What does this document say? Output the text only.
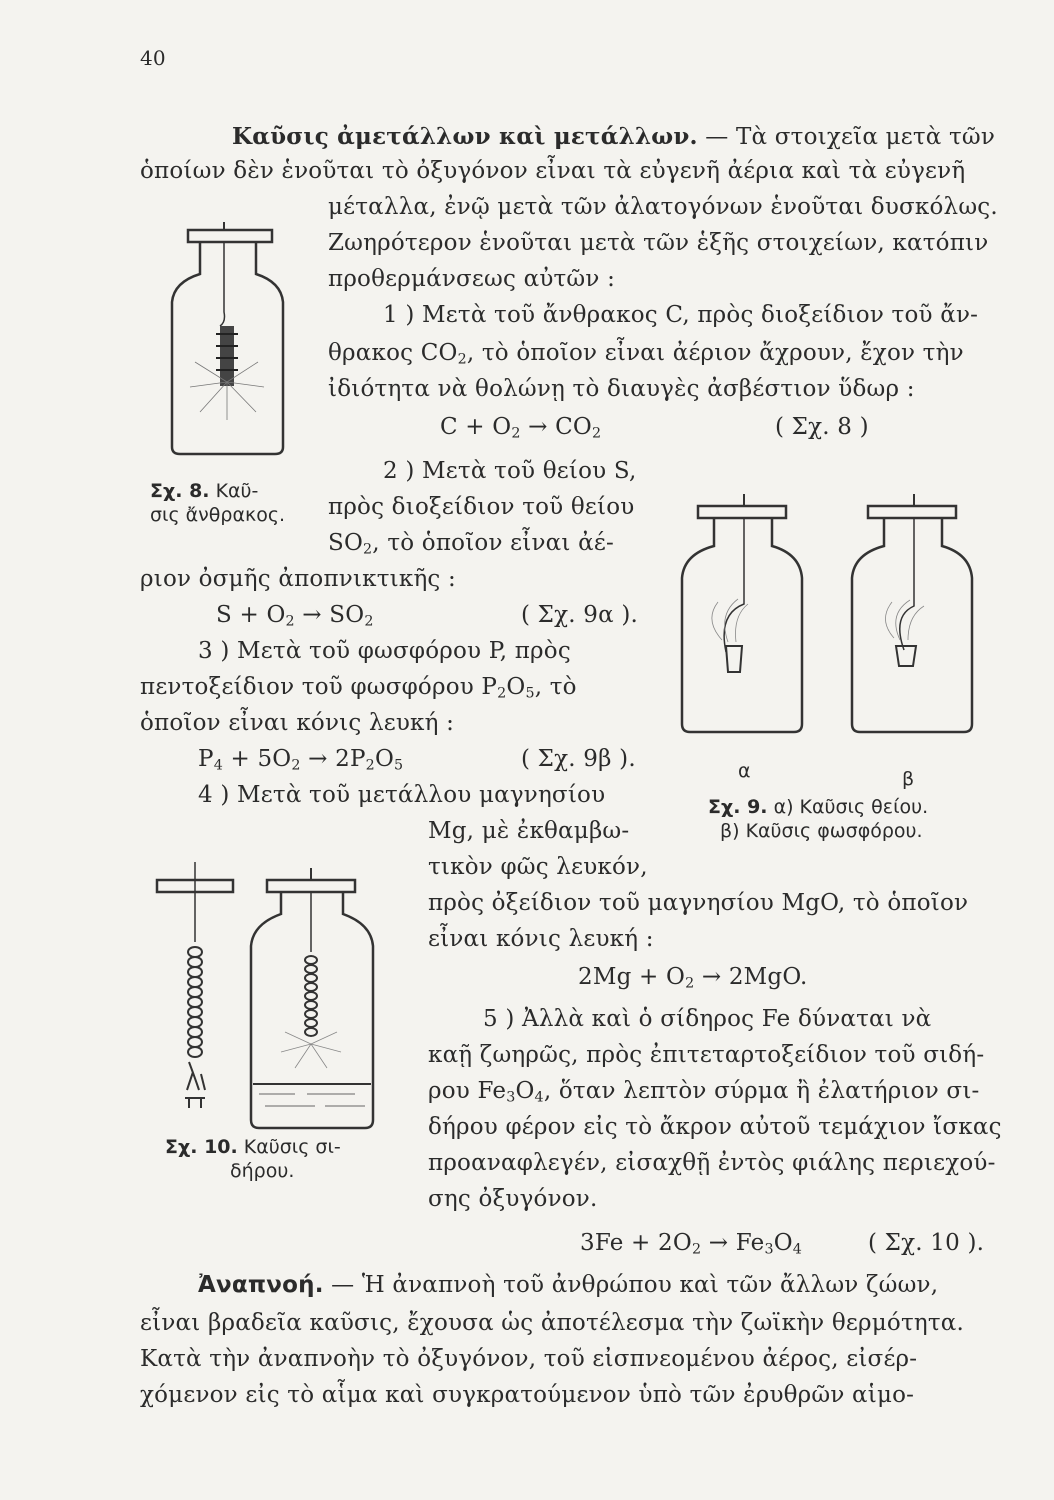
40
Καῦσις ἀμετάλλων καὶ μετάλλων. — Τὰ στοιχεῖα μετὰ τῶν
ὁποίων δὲν ἑνοῦται τὸ ὀξυγόνον εἶναι τὰ εὐγενῆ ἀέρια καὶ τὰ εὐγενῆ
μέταλλα, ἐνῷ μετὰ τῶν ἀλατογόνων ἑνοῦται δυσκόλως.
Ζωηρότερον ἑνοῦται μετὰ τῶν ἑξῆς στοιχείων, κατόπιν
προθερμάνσεως αὐτῶν :
1 ) Μετὰ τοῦ ἄνθρακος C, πρὸς διοξείδιον τοῦ ἄν-
θρακος $CO_2$, τὸ ὁποῖον εἶναι ἀέριον ἄχρουν, ἔχον τὴν
ἰδιότητα νὰ θολώνῃ τὸ διαυγὲς ἀσβέστιον ὕδωρ :
$C + O_2 \to CO_2$	( Σχ. 8 )
2 ) Μετὰ τοῦ θείου S,
πρὸς διοξείδιον τοῦ θείου
$SO_2$, τὸ ὁποῖον εἶναι ἀέ-
ριον ὀσμῆς ἀποπνικτικῆς :
$S + O_2 \to SO_2$	( Σχ. 9α ).
3 ) Μετὰ τοῦ φωσφόρου P, πρὸς
πεντοξείδιον τοῦ φωσφόρου $P_2O_5$, τὸ
ὁποῖον εἶναι κόνις λευκή :
$P_4 + 5O_2 \to 2P_2O_5$	( Σχ. 9β ).
4 ) Μετὰ τοῦ μετάλλου μαγνησίου
Mg, μὲ ἐκθαμβω-
τικὸν φῶς λευκόν,
πρὸς ὀξείδιον τοῦ μαγνησίου MgO, τὸ ὁποῖον
εἶναι κόνις λευκή :
$2Mg + O_2 \to 2MgO$.
5 ) Ἀλλὰ καὶ ὁ σίδηρος Fe δύναται νὰ
καῇ ζωηρῶς, πρὸς ἐπιτεταρτοξείδιον τοῦ σιδή-
ρου $Fe_3O_4$, ὅταν λεπτὸν σύρμα ἢ ἐλατήριον σι-
δήρου φέρον εἰς τὸ ἄκρον αὐτοῦ τεμάχιον ἴσκας
προαναφλεγέν, εἰσαχθῇ ἐντὸς φιάλης περιεχού-
σης ὀξυγόνον.
$3Fe + 2O_2 \to Fe_3O_4$	( Σχ. 10 ).
Ἀναπνοή. — Ἡ ἀναπνοὴ τοῦ ἀνθρώπου καὶ τῶν ἄλλων ζώων,
εἶναι βραδεῖα καῦσις, ἔχουσα ὡς ἀποτέλεσμα τὴν ζωϊκὴν θερμότητα.
Κατὰ τὴν ἀναπνοὴν τὸ ὀξυγόνον, τοῦ εἰσπνεομένου ἀέρος, εἰσέρ-
χόμενον εἰς τὸ αἷμα καὶ συγκρατούμενον ὑπὸ τῶν ἐρυθρῶν αἱμο-
Σχ. 8. Καῦ-
σις ἄνθρακος.
α	β
Σχ. 9. α) Καῦσις θείου.
β) Καῦσις φωσφόρου.
Σχ. 10. Καῦσις σι-
δήρου.
